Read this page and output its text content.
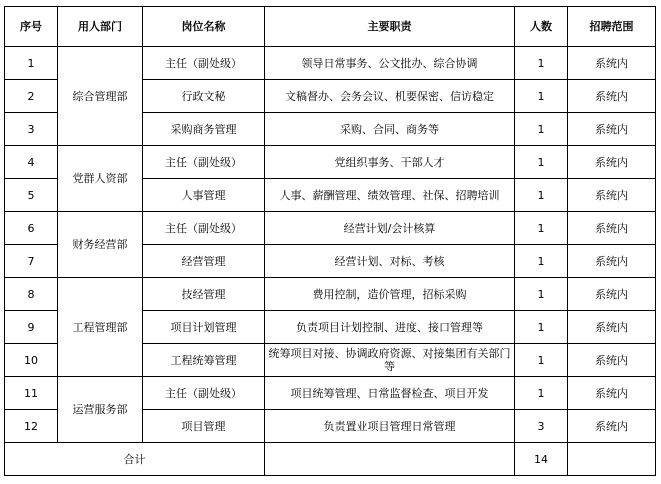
序号	用人部门	岗位名称	主要职责	人数	招聘范围
1	综合管理部	主任（副处级）	领导日常事务、公文批办、综合协调	1	系统内
2		行政文秘	文稿督办、会务会议、机要保密、信访稳定	1	系统内
3		采购商务管理	采购、合同、商务等	1	系统内
4	党群人资部	主任（副处级）	党组织事务、干部人才	1	系统内
5		人事管理	人事、薪酬管理、绩效管理、社保、招聘培训	1	系统内
6	财务经营部	主任（副处级）	经营计划/会计核算	1	系统内
7		经营管理	经营计划、对标、考核	1	系统内
8	工程管理部	技经管理	费用控制，造价管理，招标采购	1	系统内
9		项目计划管理	负责项目计划控制、进度、接口管理等	1	系统内
10		工程统筹管理	统筹项目对接、协调政府资源、对接集团有关部门等	1	系统内
11	运营服务部	主任（副处级）	项目统筹管理、日常监督检查、项目开发	1	系统内
12		项目管理	负责置业项目管理日常管理	3	系统内
合计				14	
